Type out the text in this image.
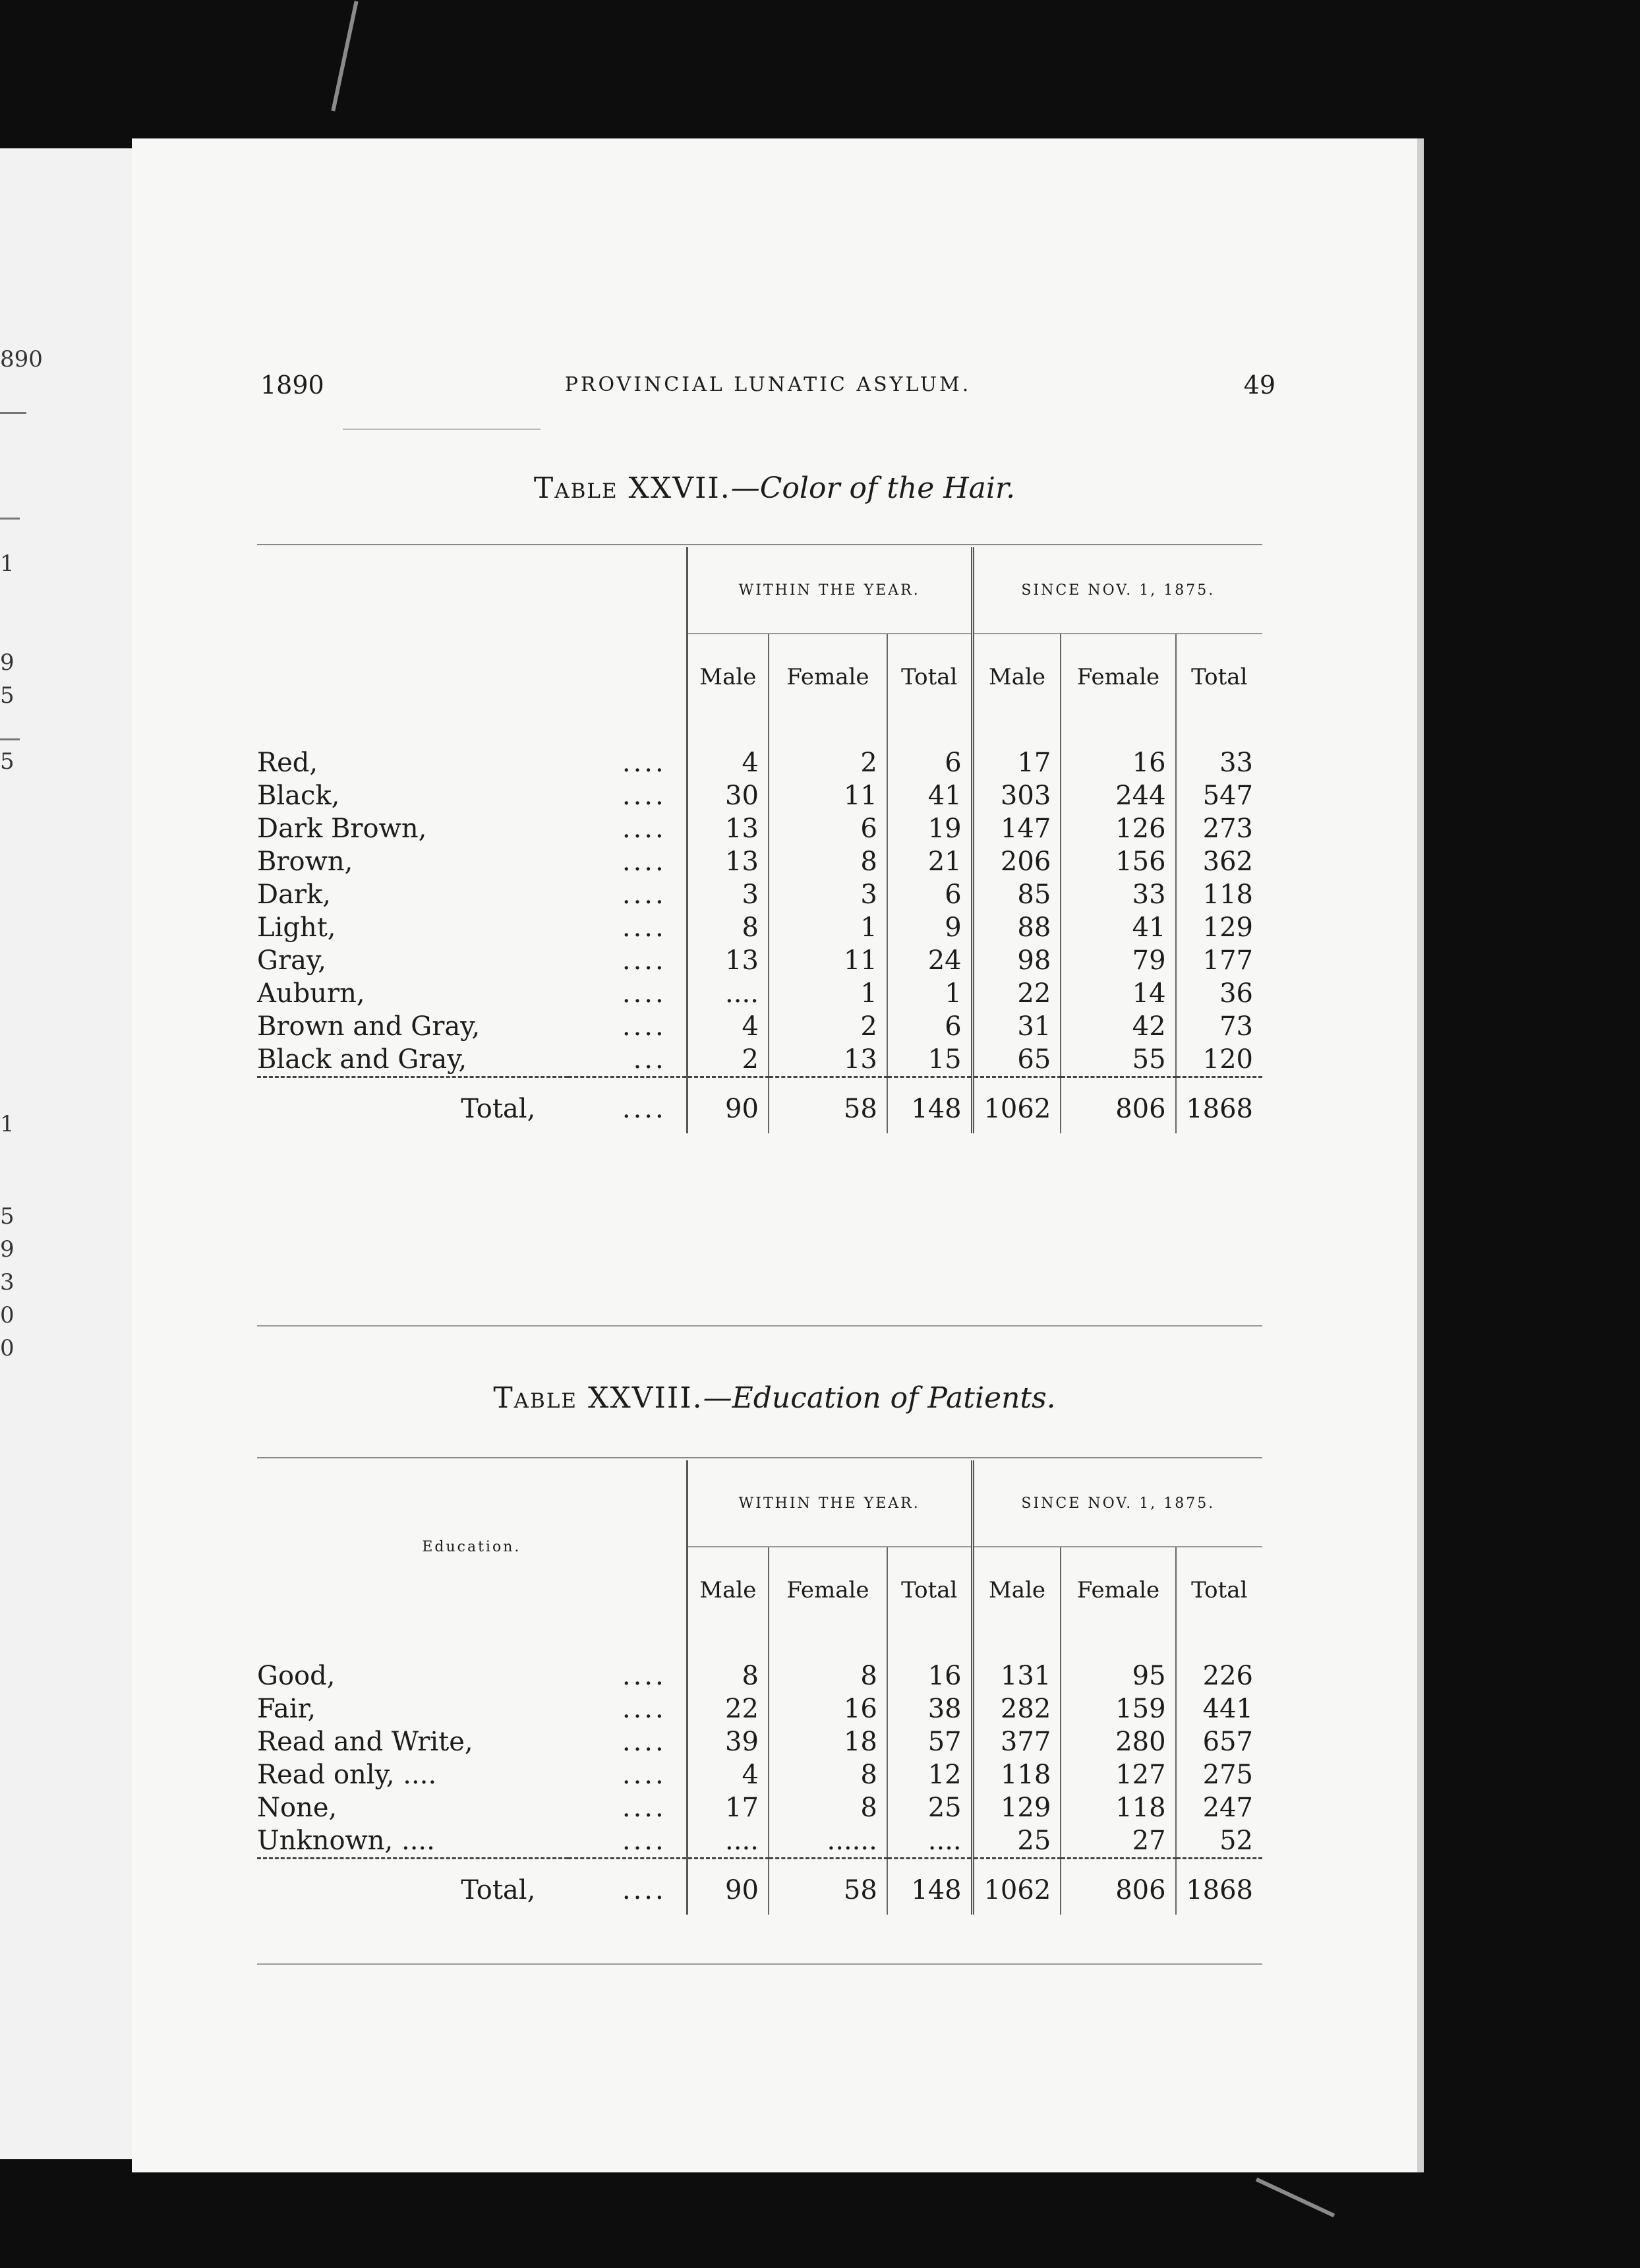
890
1
9
5
5
1
5
9
3
0
0
1890	PROVINCIAL LUNATIC ASYLUM.	49
Table XXVII.—Color of the Hair.
		WITHIN THE YEAR.			SINCE NOV. 1, 1875.		
		Male	Female	Total	Male	Female	Total

Red,	....	4	2	6	17	16	33
Black,	....	30	11	41	303	244	547
Dark Brown,	....	13	6	19	147	126	273
Brown,	....	13	8	21	206	156	362
Dark,	....	3	3	6	85	33	118
Light,	....	8	1	9	88	41	129
Gray,	....	13	11	24	98	79	177
Auburn,	....	....	1	1	22	14	36
Brown and Gray,	....	4	2	6	31	42	73
Black and Gray,	...	2	13	15	65	55	120
Total,	....	90	58	148	1062	806	1868
Table XXVIII.—Education of Patients.
Education.		WITHIN THE YEAR.			SINCE NOV. 1, 1875.		
		Male	Female	Total	Male	Female	Total

Good,	....	8	8	16	131	95	226
Fair,	....	22	16	38	282	159	441
Read and Write,	....	39	18	57	377	280	657
Read only, ....	....	4	8	12	118	127	275
None,	....	17	8	25	129	118	247
Unknown, ....	....	....	......	....	25	27	52
Total,	....	90	58	148	1062	806	1868
